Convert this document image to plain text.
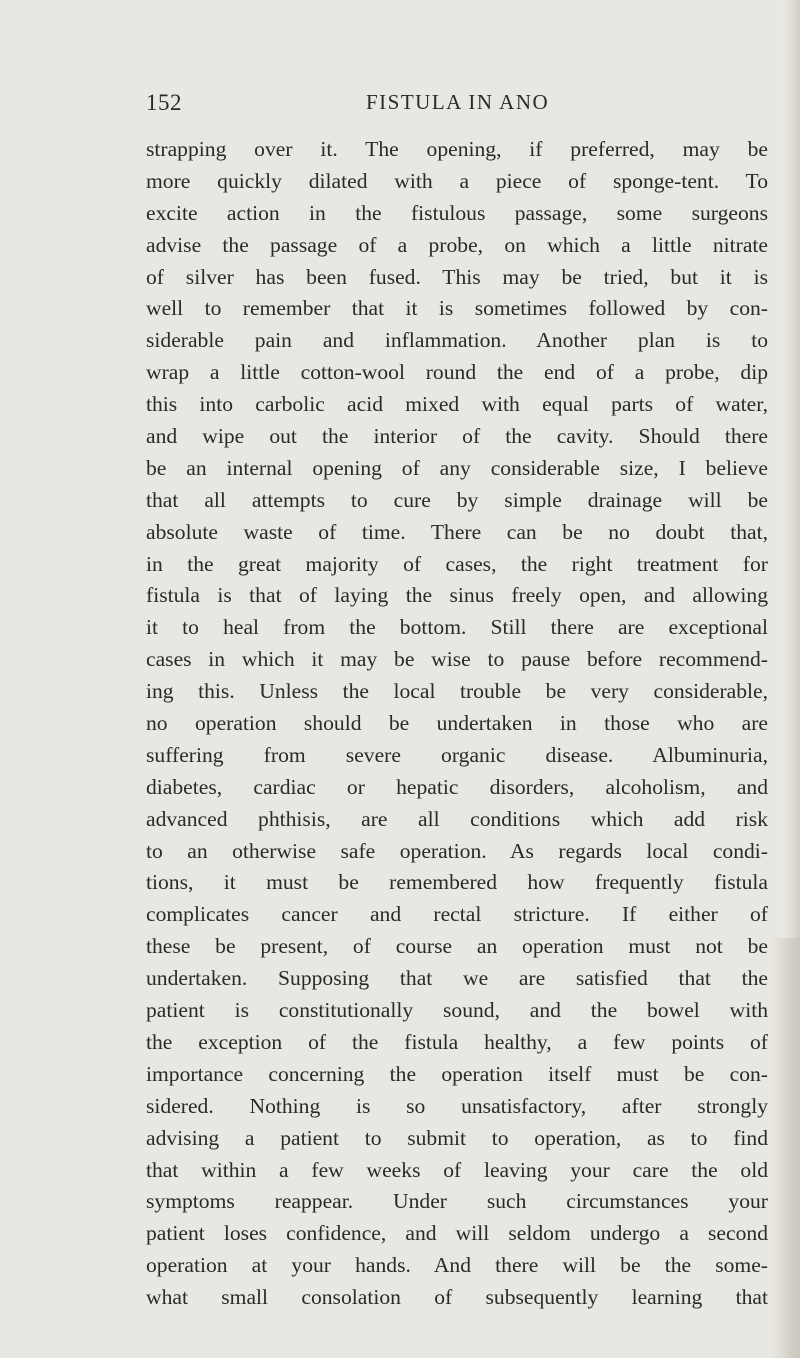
152	FISTULA IN ANO
strapping over it. The opening, if preferred, may be
more quickly dilated with a piece of sponge-tent. To
excite action in the fistulous passage, some surgeons
advise the passage of a probe, on which a little nitrate
of silver has been fused. This may be tried, but it is
well to remember that it is sometimes followed by con-
siderable pain and inflammation. Another plan is to
wrap a little cotton-wool round the end of a probe, dip
this into carbolic acid mixed with equal parts of water,
and wipe out the interior of the cavity. Should there
be an internal opening of any considerable size, I believe
that all attempts to cure by simple drainage will be
absolute waste of time. There can be no doubt that,
in the great majority of cases, the right treatment for
fistula is that of laying the sinus freely open, and allowing
it to heal from the bottom. Still there are exceptional
cases in which it may be wise to pause before recommend-
ing this. Unless the local trouble be very considerable,
no operation should be undertaken in those who are
suffering from severe organic disease. Albuminuria,
diabetes, cardiac or hepatic disorders, alcoholism, and
advanced phthisis, are all conditions which add risk
to an otherwise safe operation. As regards local condi-
tions, it must be remembered how frequently fistula
complicates cancer and rectal stricture. If either of
these be present, of course an operation must not be
undertaken. Supposing that we are satisfied that the
patient is constitutionally sound, and the bowel with
the exception of the fistula healthy, a few points of
importance concerning the operation itself must be con-
sidered. Nothing is so unsatisfactory, after strongly
advising a patient to submit to operation, as to find
that within a few weeks of leaving your care the old
symptoms reappear. Under such circumstances your
patient loses confidence, and will seldom undergo a second
operation at your hands. And there will be the some-
what small consolation of subsequently learning that
